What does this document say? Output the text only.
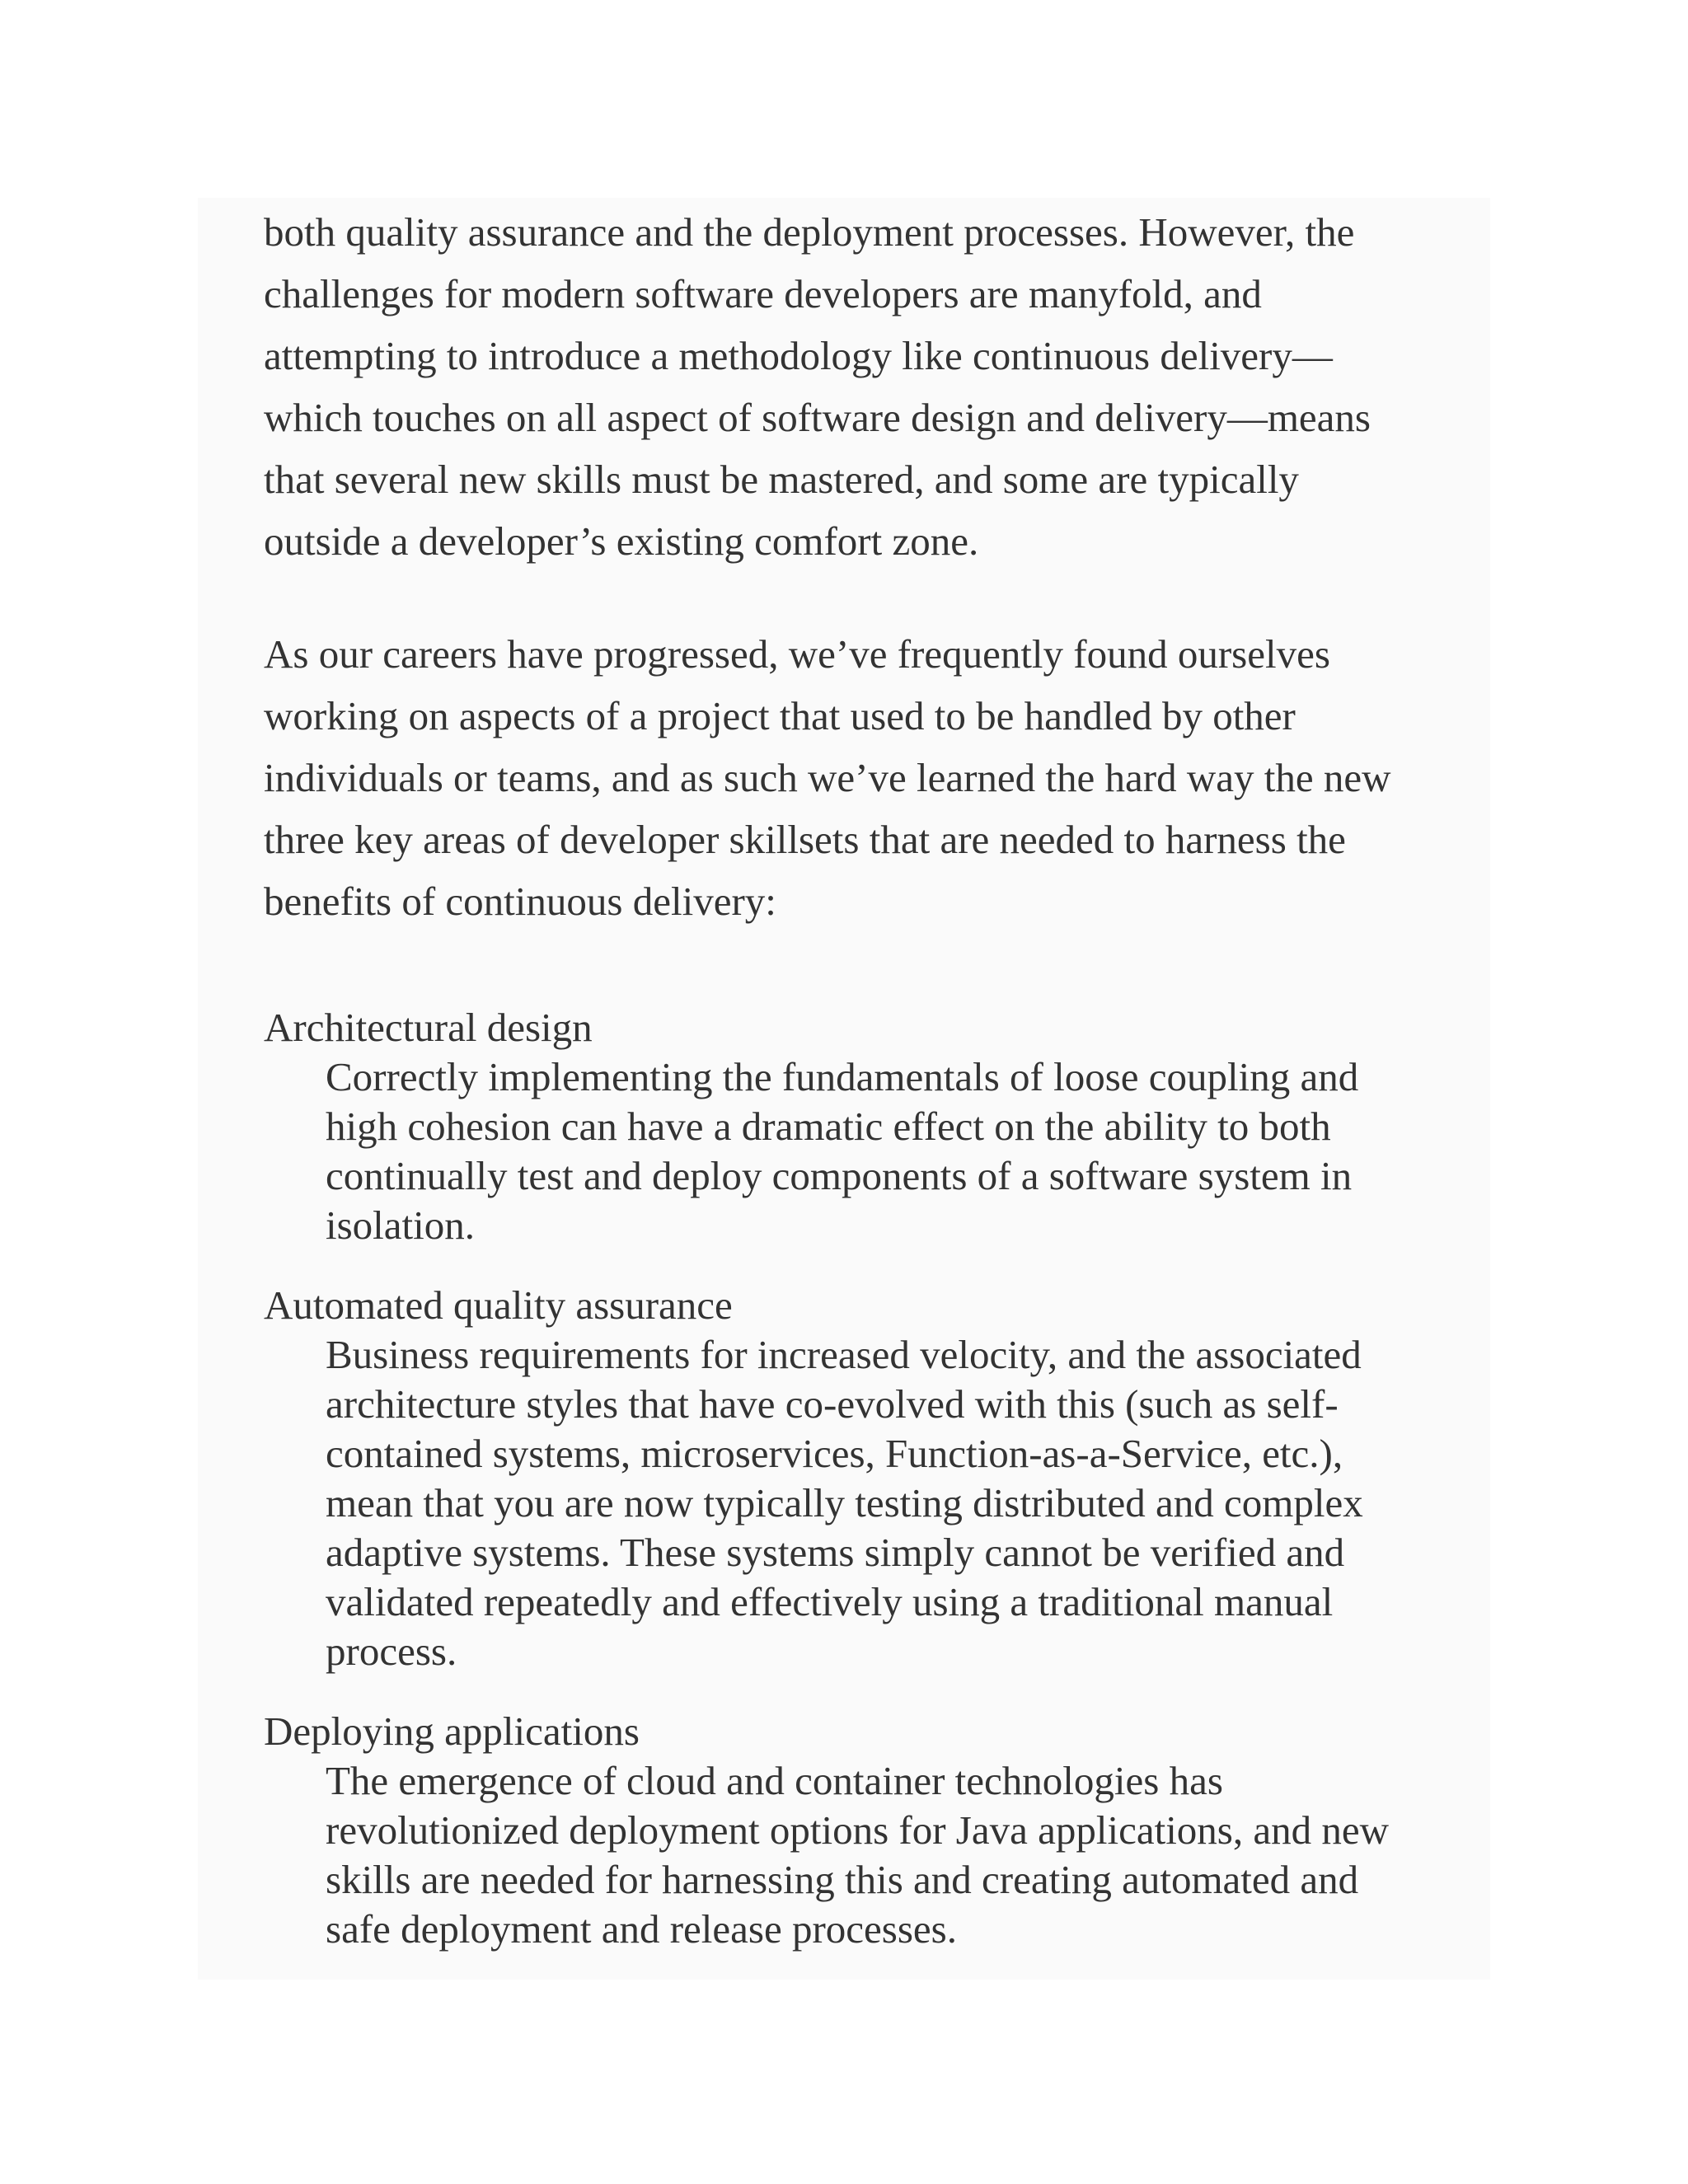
both quality assurance and the deployment processes. However, the
challenges for modern software developers are manyfold, and
attempting to introduce a methodology like continuous delivery—
which touches on all aspect of software design and delivery—means
that several new skills must be mastered, and some are typically
outside a developer’s existing comfort zone.

As our careers have progressed, we’ve frequently found ourselves
working on aspects of a project that used to be handled by other
individuals or teams, and as such we’ve learned the hard way the new
three key areas of developer skillsets that are needed to harness the
benefits of continuous delivery:

Architectural design
Correctly implementing the fundamentals of loose coupling and
high cohesion can have a dramatic effect on the ability to both
continually test and deploy components of a software system in
isolation.
Automated quality assurance
Business requirements for increased velocity, and the associated
architecture styles that have co-evolved with this (such as self-
contained systems, microservices, Function-as-a-Service, etc.),
mean that you are now typically testing distributed and complex
adaptive systems. These systems simply cannot be verified and
validated repeatedly and effectively using a traditional manual
process.
Deploying applications
The emergence of cloud and container technologies has
revolutionized deployment options for Java applications, and new
skills are needed for harnessing this and creating automated and
safe deployment and release processes.
